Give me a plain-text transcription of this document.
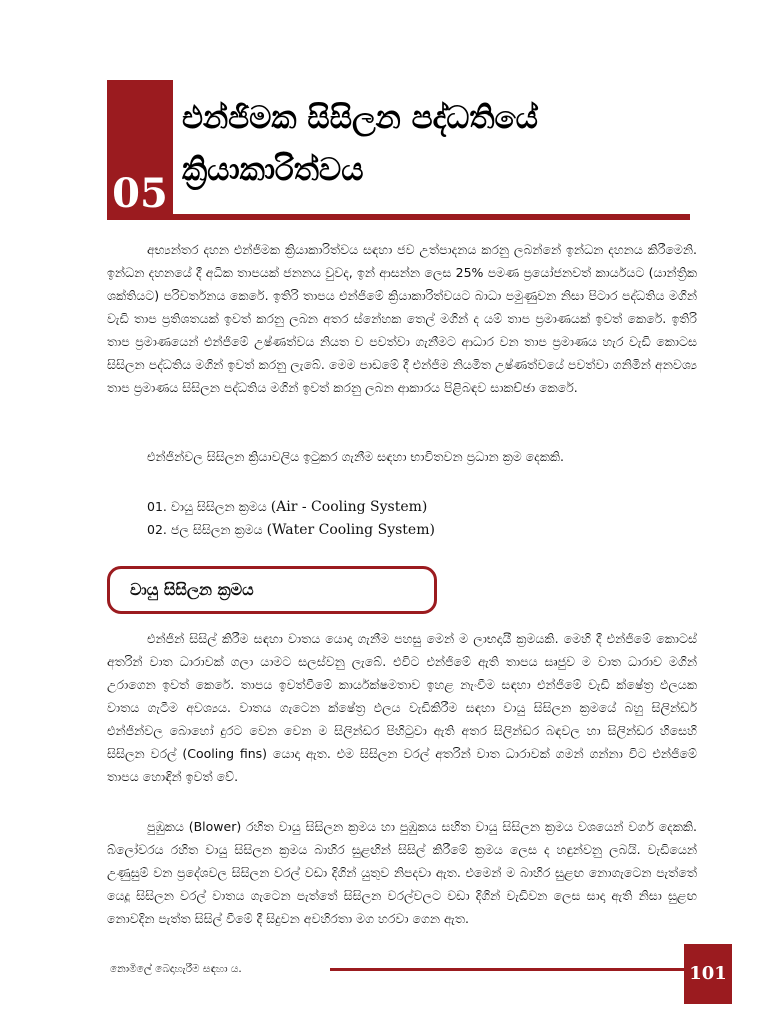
05
එන්ජිමක සිසිලන පද්ධතියේ ක්‍රියාකාරිත්වය

අභ්‍යන්තර දහන එන්ජිමක ක්‍රියාකාරිත්වය සඳහා ජව උත්පාදනය කරනු ලබන්නේ ඉන්ධන දහනය කිරීමෙනි. ඉන්ධන දහනයේ දී අධික තාපයක් ජනනය වුවද, ඉන් ආසන්න ලෙස 25% පමණ ප්‍රයෝජනවත් කාර්යයට (යාන්ත්‍රික ශක්තියට) පරිවර්තනය කෙරේ. ඉතිරි තාපය එන්ජිමේ ක්‍රියාකාරිත්වයට බාධා පමුණුවන නිසා පිටාර පද්ධතිය මගින් වැඩි තාප ප්‍රතිශතයක් ඉවත් කරනු ලබන අතර ස්නේහක තෙල් මගින් ද යම් තාප ප්‍රමාණයක් ඉවත් කෙරේ. ඉතිරි තාප ප්‍රමාණයෙන් එන්ජිමේ උෂ්ණත්වය නියත ව පවත්වා ගැනීමට ආධාර වන තාප ප්‍රමාණය හැර වැඩි කොටස සිසිලන පද්ධතිය මගින් ඉවත් කරනු ලැබේ. මෙම පාඩමේ දී එන්ජිම නියමිත උෂ්ණත්වයේ පවත්වා ගනිමින් අනවශ්‍ය තාප ප්‍රමාණය සිසිලන පද්ධතිය මගින් ඉවත් කරනු ලබන ආකාරය පිළිබඳව සාකච්ඡා කෙරේ.

එන්ජින්වල සිසිලන ක්‍රියාවලිය ඉටුකර ගැනීම සඳහා භාවිතවන ප්‍රධාන ක්‍රම දෙකකි.

01. වායු සිසිලන ක්‍රමය (Air - Cooling System)
02. ජල සිසිලන ක්‍රමය (Water Cooling System)
වායු සිසිලන ක්‍රමය

එන්ජින් සිසිල් කිරීම සඳහා වාතය යොදා ගැනීම පහසු මෙන් ම ලාභදායී ක්‍රමයකි. මෙහි දී එන්ජිමේ කොටස් අතරින් වාත ධාරාවක් ගලා යාමට සලස්වනු ලැබේ. එවිට එන්ජිමේ ඇති තාපය සෘජුව ම වාත ධාරාව මගින් උරාගෙන ඉවත් කෙරේ. තාපය ඉවත්වීමේ කාර්යක්ෂමතාව ඉහළ නැංවීම සඳහා එන්ජිමේ වැඩි ක්ෂේත්‍ර ඵලයක වාතය ගැටීම අවශ්‍යය. වාතය ගැටෙන ක්ෂේත්‍ර ඵලය වැඩිකිරීම සඳහා වායු සිසිලන ක්‍රමයේ බහු සිලින්ඩර් එන්ජින්වල බොහෝ දුරට වෙන වෙන ම සිලින්ඩර පිහිටුවා ඇති අතර සිලින්ඩර බඳවල හා සිලින්ඩර හිසෙහි සිසිලන වරල් (Cooling fins) යොදා ඇත. එම සිසිලන වරල් අතරින් වාත ධාරාවක් ගමන් ගන්නා විට එන්ජිමේ තාපය හොඳින් ඉවත් වේ.

පුඹුකය (Blower) රහිත වායු සිසිලන ක්‍රමය හා පුඹුකය සහිත වායු සිසිලන ක්‍රමය වශයෙන් වර්ග දෙකකි. බ්ලෝවරය රහිත වායු සිසිලන ක්‍රමය බාහිර සුළඟින් සිසිල් කිරීමේ ක්‍රමය ලෙස ද හඳුන්වනු ලබයි. වැඩියෙන් උණුසුම් වන ප්‍රදේශවල සිසිලන වරල් වඩා දිගින් යුතුව නිපදවා ඇත. එමෙන් ම බාහිර සුළඟ නොගැටෙන පැත්තේ යෙදූ සිසිලන වරල් වාතය ගැටෙන පැත්තේ සිසිලන වරල්වලට වඩා දිගින් වැඩිවන ලෙස සාදා ඇති නිසා සුළඟ නොවදින පැත්ත සිසිල් වීමේ දී සිදුවන අවහිරතා මග හරවා ගෙන ඇත.

නොමිලේ බෙදාහැරීම සඳහා ය.	101
